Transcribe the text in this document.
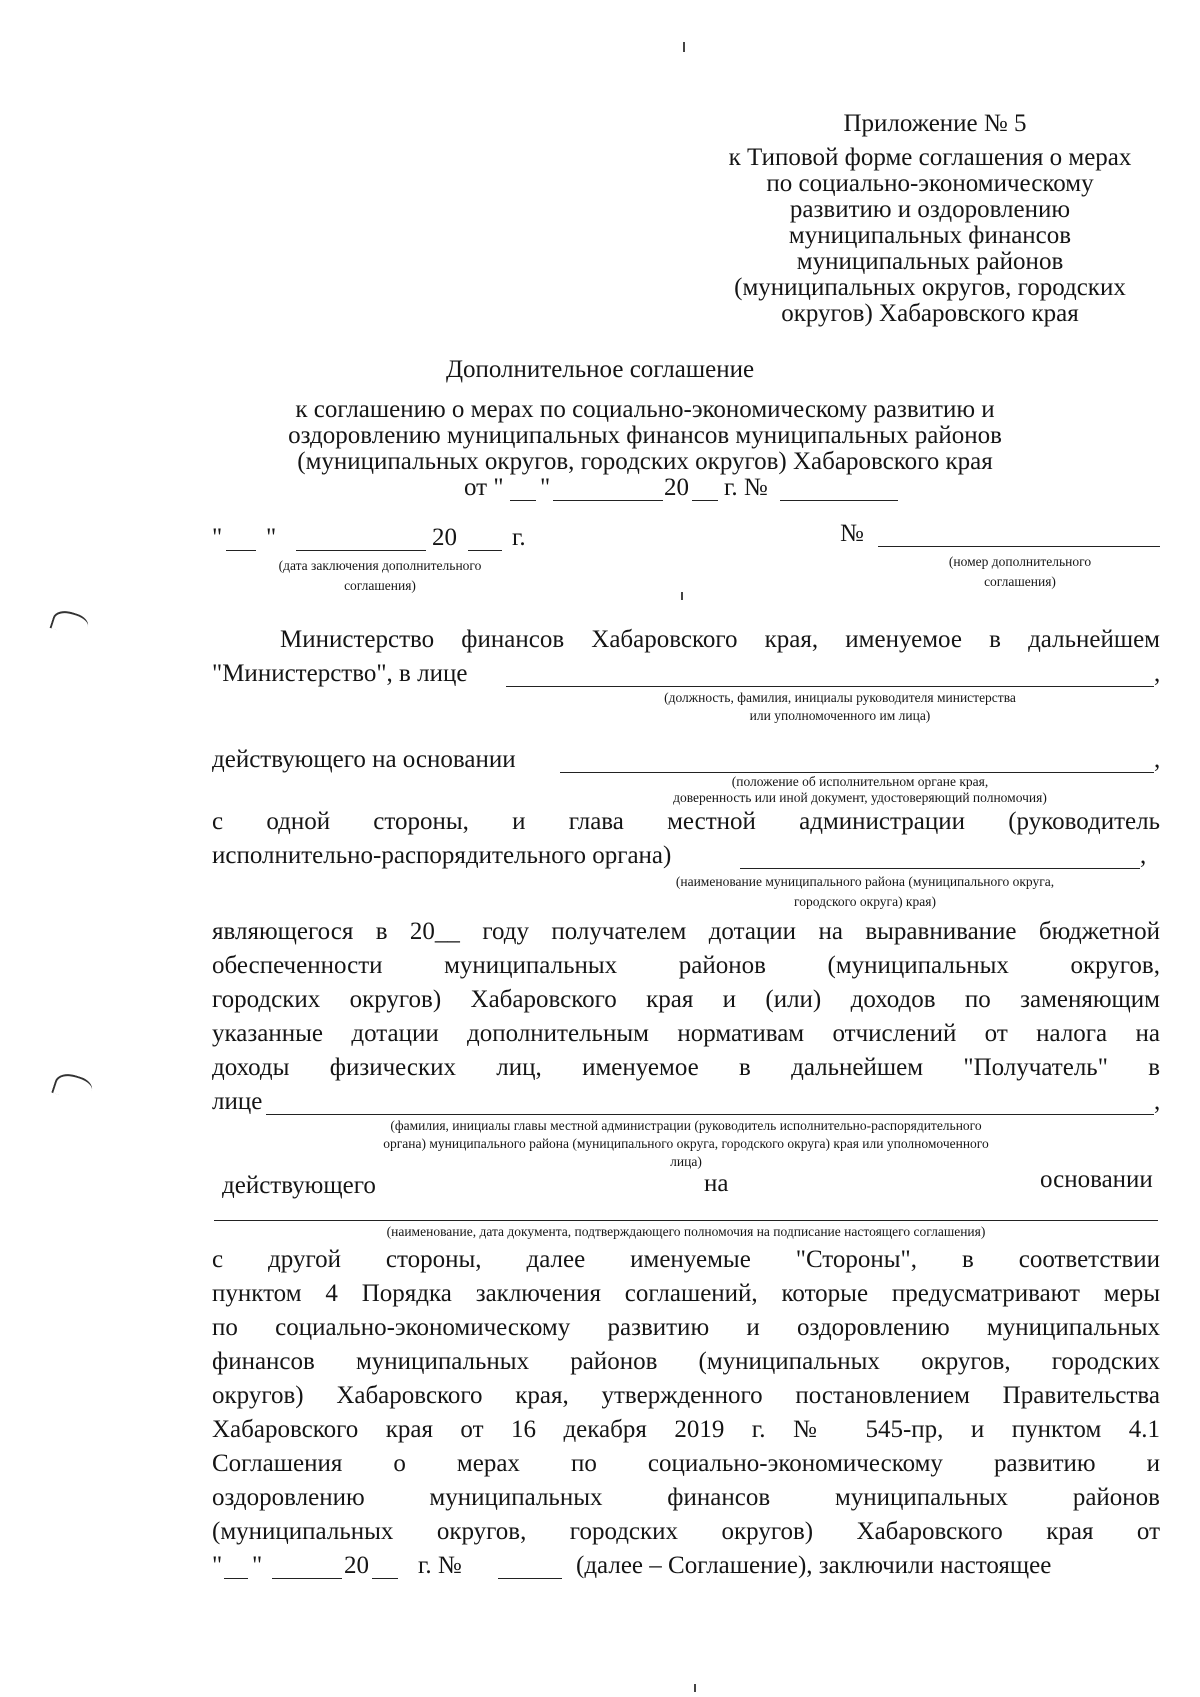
Приложение № 5
к Типовой форме соглашения о мерах
по социально-экономическому
развитию и оздоровлению
муниципальных финансов
муниципальных районов
(муниципальных округов, городских
округов) Хабаровского края
Дополнительное соглашение
к соглашению о мерах по социально-экономическому развитию и
оздоровлению муниципальных финансов муниципальных районов
(муниципальных округов, городских округов) Хабаровского края
от " "	20 г. №
" "	20 г.
(дата заключения дополнительного
соглашения)
№
(номер дополнительного
соглашения)
Министерство финансов Хабаровского края, именуемое в дальнейшем
"Министерство", в лице	,
(должность, фамилия, инициалы руководителя министерства
или уполномоченного им лица)
действующего на основании	,
(положение об исполнительном органе края,
доверенность или иной документ, удостоверяющий полномочия)
с одной стороны, и глава местной администрации (руководитель
исполнительно-распорядительного органа)	,
(наименование муниципального района (муниципального округа,
городского округа) края)
являющегося в 20__ году получателем дотации на выравнивание бюджетной
обеспеченности муниципальных районов (муниципальных округов,
городских округов) Хабаровского края и (или) доходов по заменяющим
указанные дотации дополнительным нормативам отчислений от налога на
доходы физических лиц, именуемое в дальнейшем "Получатель" в
лице	,
(фамилия, инициалы главы местной администрации (руководитель исполнительно-распорядительного
органа) муниципального района (муниципального округа, городского округа) края или уполномоченного
лица)
действующего	на	основании
(наименование, дата документа, подтверждающего полномочия на подписание настоящего соглашения)
с другой стороны, далее именуемые "Стороны", в соответствии
пунктом 4 Порядка заключения соглашений, которые предусматривают меры
по социально-экономическому развитию и оздоровлению муниципальных
финансов муниципальных районов (муниципальных округов, городских
округов) Хабаровского края, утвержденного постановлением Правительства
Хабаровского края от 16 декабря 2019 г. № 545-пр, и пунктом 4.1
Соглашения о мерах по социально-экономическому развитию и
оздоровлению муниципальных финансов муниципальных районов
(муниципальных округов, городских округов) Хабаровского края от
" "	20 г. №	(далее – Соглашение), заключили настоящее
